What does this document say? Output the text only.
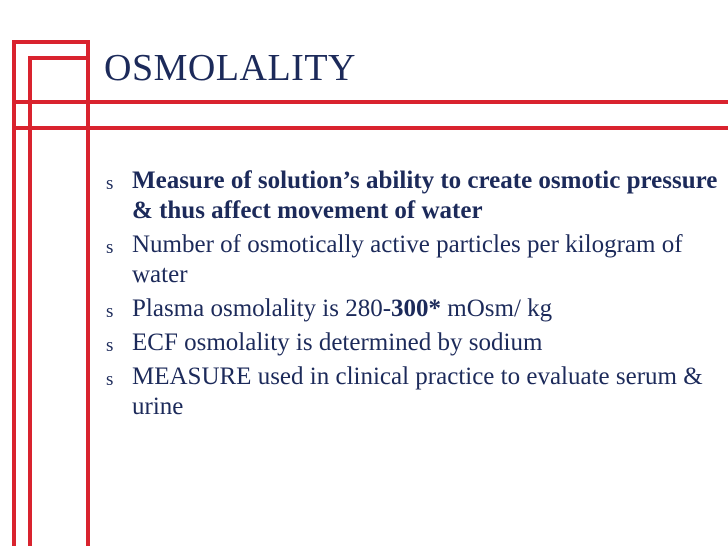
OSMOLALITY
s Measure of solution’s ability to create osmotic pressure & thus affect movement of water
s Number of osmotically active particles per kilogram of water
s Plasma osmolality is 280-300* mOsm/ kg
s ECF osmolality is determined by sodium
s MEASURE used in clinical practice to evaluate serum & urine
